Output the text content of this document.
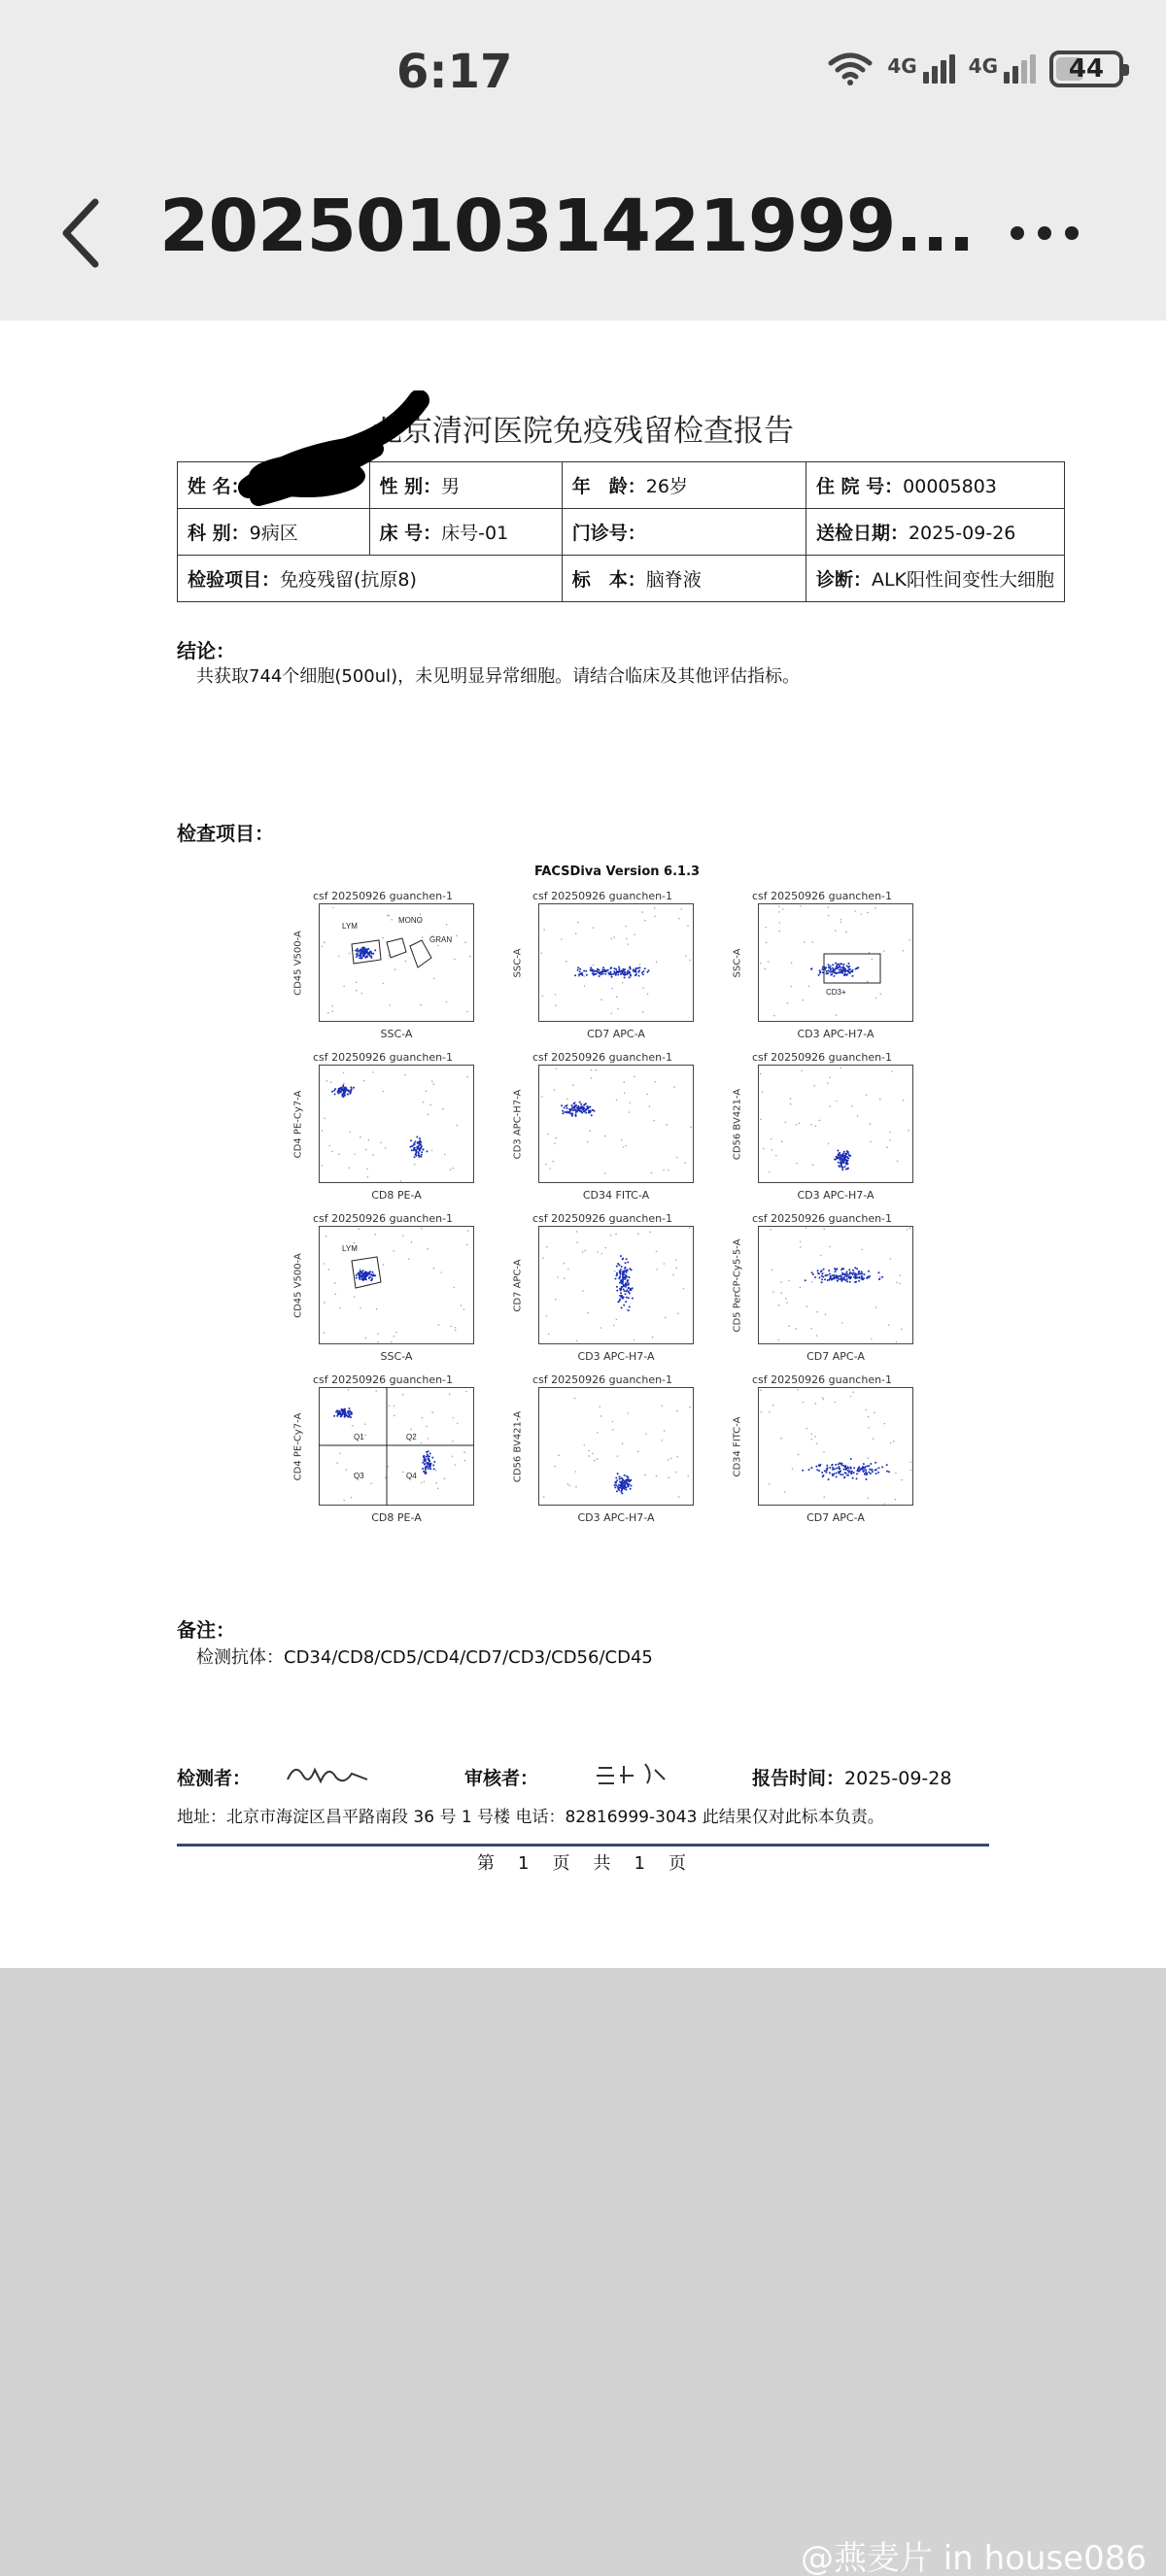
6:17	4G	4G	44
202501031421999...
北京清河医院免疫残留检查报告
姓 名：	性 别：男	年　龄：26岁	住 院 号：00005803
科 别：9病区	床 号：床号-01	门诊号：	送检日期：2025-09-26
检验项目：免疫残留(抗原8)		标　本：脑脊液	诊断：ALK阳性间变性大细胞
结论：
共获取744个细胞(500ul)，未见明显异常细胞。请结合临床及其他评估指标。
检查项目：
FACSDiva Version 6.1.3
csf 20250926 guanchen-1
LYM
MONO
GRAN
SSC-A
CD45 V500-A
csf 20250926 guanchen-1
CD7 APC-A
SSC-A
csf 20250926 guanchen-1
CD3+
CD3 APC-H7-A
SSC-A
csf 20250926 guanchen-1
CD8 PE-A
CD4 PE-Cy7-A
csf 20250926 guanchen-1
CD34 FITC-A
CD3 APC-H7-A
csf 20250926 guanchen-1
CD3 APC-H7-A
CD56 BV421-A
csf 20250926 guanchen-1
LYM
SSC-A
CD45 V500-A
csf 20250926 guanchen-1
CD3 APC-H7-A
CD7 APC-A
csf 20250926 guanchen-1
CD7 APC-A
CD5 PerCP-Cy5-5-A
csf 20250926 guanchen-1
Q1	Q2
Q3	Q4
CD8 PE-A
CD4 PE-Cy7-A
csf 20250926 guanchen-1
CD3 APC-H7-A
CD56 BV421-A
csf 20250926 guanchen-1
CD7 APC-A
CD34 FITC-A
备注：
检测抗体：CD34/CD8/CD5/CD4/CD7/CD3/CD56/CD45
检测者：	审核者：	报告时间：2025-09-28
地址：北京市海淀区昌平路南段 36 号 1 号楼 电话：82816999-3043 此结果仅对此标本负责。
第　1　页　共　1　页
@燕麦片 in house086
